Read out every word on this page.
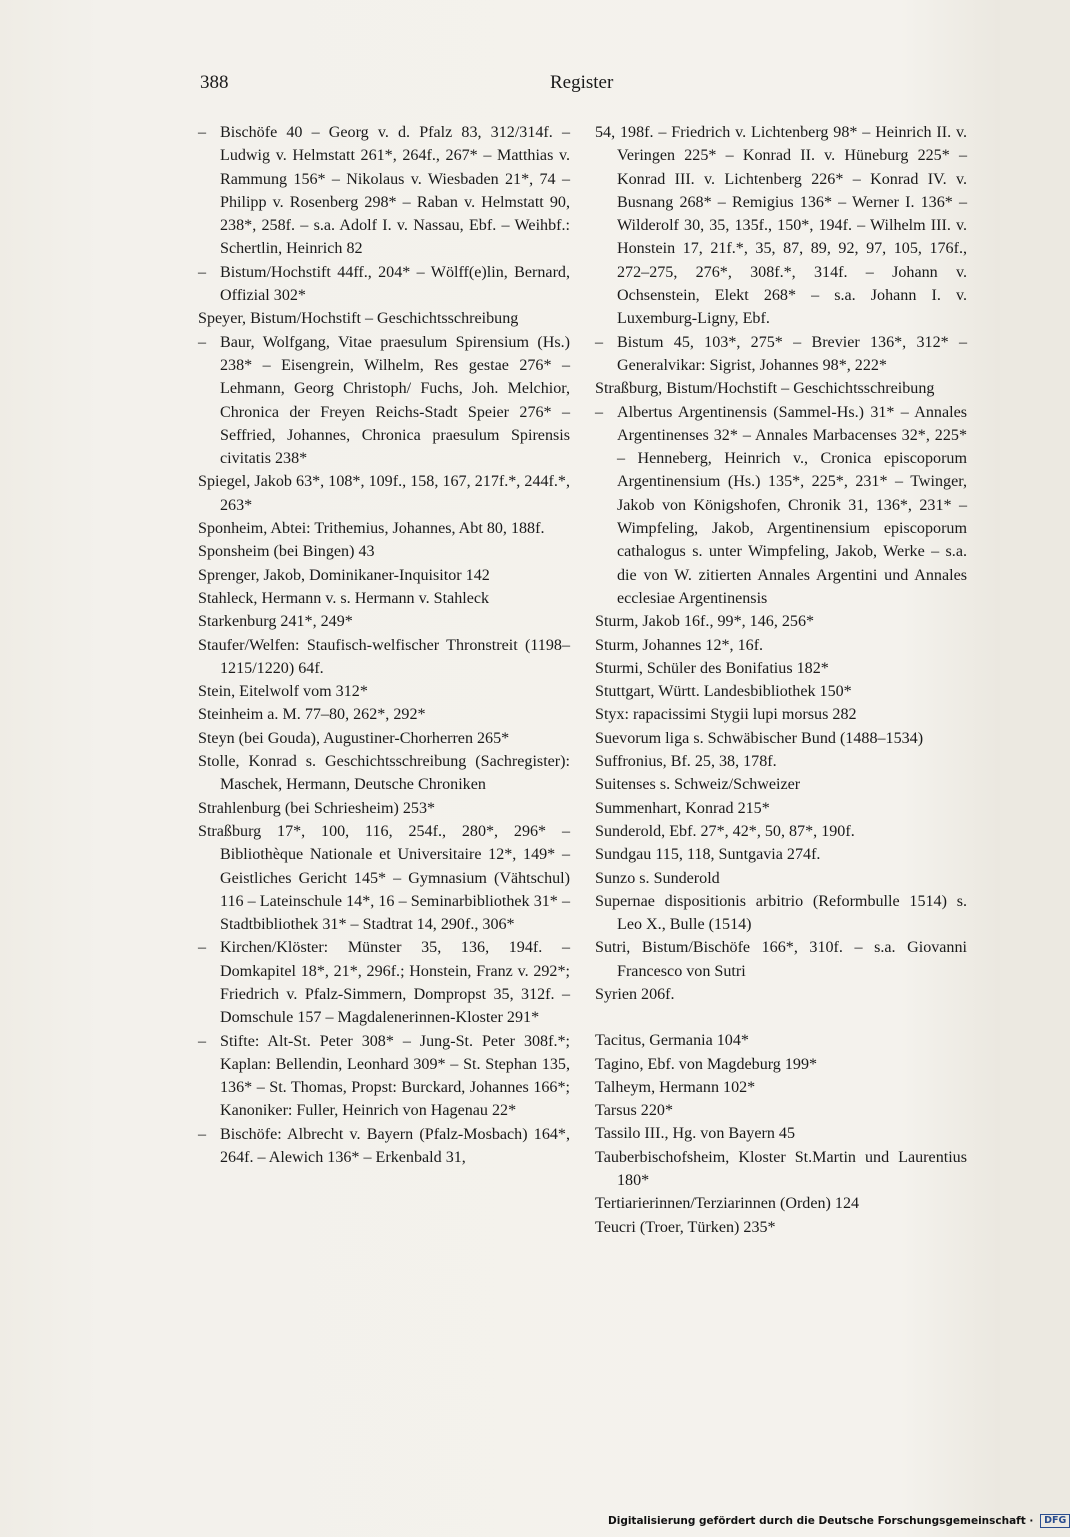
388	Register
– Bischöfe 40 – Georg v. d. Pfalz 83, 312/314f. – Ludwig v. Helmstatt 261*, 264f., 267* – Matthias v. Rammung 156* – Nikolaus v. Wiesbaden 21*, 74 – Philipp v. Rosenberg 298* – Raban v. Helmstatt 90, 238*, 258f. – s.a. Adolf I. v. Nassau, Ebf. – Weihbf.: Schertlin, Heinrich 82
– Bistum/Hochstift 44ff., 204* – Wölff(e)lin, Bernard, Offizial 302*
Speyer, Bistum/Hochstift – Geschichtsschreibung
– Baur, Wolfgang, Vitae praesulum Spirensium (Hs.) 238* – Eisengrein, Wilhelm, Res gestae 276* – Lehmann, Georg Christoph/ Fuchs, Joh. Melchior, Chronica der Freyen Reichs-Stadt Speier 276* – Seffried, Johannes, Chronica praesulum Spirensis civitatis 238*
Spiegel, Jakob 63*, 108*, 109f., 158, 167, 217f.*, 244f.*, 263*
Sponheim, Abtei: Trithemius, Johannes, Abt 80, 188f.
Sponsheim (bei Bingen) 43
Sprenger, Jakob, Dominikaner-Inquisitor 142
Stahleck, Hermann v. s. Hermann v. Stahleck
Starkenburg 241*, 249*
Staufer/Welfen: Staufisch-welfischer Thronstreit (1198–1215/1220) 64f.
Stein, Eitelwolf vom 312*
Steinheim a. M. 77–80, 262*, 292*
Steyn (bei Gouda), Augustiner-Chorherren 265*
Stolle, Konrad s. Geschichtsschreibung (Sachregister): Maschek, Hermann, Deutsche Chroniken
Strahlenburg (bei Schriesheim) 253*
Straßburg 17*, 100, 116, 254f., 280*, 296* – Bibliothèque Nationale et Universitaire 12*, 149* – Geistliches Gericht 145* – Gymnasium (Vähtschul) 116 – Lateinschule 14*, 16 – Seminarbibliothek 31* – Stadtbibliothek 31* – Stadtrat 14, 290f., 306*
– Kirchen/Klöster: Münster 35, 136, 194f. – Domkapitel 18*, 21*, 296f.; Honstein, Franz v. 292*; Friedrich v. Pfalz-Simmern, Dompropst 35, 312f. – Domschule 157 – Magdalenerinnen-Kloster 291*
– Stifte: Alt-St. Peter 308* – Jung-St. Peter 308f.*; Kaplan: Bellendin, Leonhard 309* – St. Stephan 135, 136* – St. Thomas, Propst: Burckard, Johannes 166*; Kanoniker: Fuller, Heinrich von Hagenau 22*
– Bischöfe: Albrecht v. Bayern (Pfalz-Mosbach) 164*, 264f. – Alewich 136* – Erkenbald 31,
54, 198f. – Friedrich v. Lichtenberg 98* – Heinrich II. v. Veringen 225* – Konrad II. v. Hüneburg 225* – Konrad III. v. Lichtenberg 226* – Konrad IV. v. Busnang 268* – Remigius 136* – Werner I. 136* – Wilderolf 30, 35, 135f., 150*, 194f. – Wilhelm III. v. Honstein 17, 21f.*, 35, 87, 89, 92, 97, 105, 176f., 272–275, 276*, 308f.*, 314f. – Johann v. Ochsenstein, Elekt 268* – s.a. Johann I. v. Luxemburg-Ligny, Ebf.
– Bistum 45, 103*, 275* – Brevier 136*, 312* – Generalvikar: Sigrist, Johannes 98*, 222*
Straßburg, Bistum/Hochstift – Geschichtsschreibung
– Albertus Argentinensis (Sammel-Hs.) 31* – Annales Argentinenses 32* – Annales Marbacenses 32*, 225* – Henneberg, Heinrich v., Cronica episcoporum Argentinensium (Hs.) 135*, 225*, 231* – Twinger, Jakob von Königshofen, Chronik 31, 136*, 231* – Wimpfeling, Jakob, Argentinensium episcoporum cathalogus s. unter Wimpfeling, Jakob, Werke – s.a. die von W. zitierten Annales Argentini und Annales ecclesiae Argentinensis
Sturm, Jakob 16f., 99*, 146, 256*
Sturm, Johannes 12*, 16f.
Sturmi, Schüler des Bonifatius 182*
Stuttgart, Württ. Landesbibliothek 150*
Styx: rapacissimi Stygii lupi morsus 282
Suevorum liga s. Schwäbischer Bund (1488–1534)
Suffronius, Bf. 25, 38, 178f.
Suitenses s. Schweiz/Schweizer
Summenhart, Konrad 215*
Sunderold, Ebf. 27*, 42*, 50, 87*, 190f.
Sundgau 115, 118, Suntgavia 274f.
Sunzo s. Sunderold
Supernae dispositionis arbitrio (Reformbulle 1514) s. Leo X., Bulle (1514)
Sutri, Bistum/Bischöfe 166*, 310f. – s.a. Giovanni Francesco von Sutri
Syrien 206f.
Tacitus, Germania 104*
Tagino, Ebf. von Magdeburg 199*
Talheym, Hermann 102*
Tarsus 220*
Tassilo III., Hg. von Bayern 45
Tauberbischofsheim, Kloster St.Martin und Laurentius 180*
Tertiarierinnen/Terziarinnen (Orden) 124
Teucri (Troer, Türken) 235*
Digitalisierung gefördert durch die Deutsche Forschungsgemeinschaft · DFG
